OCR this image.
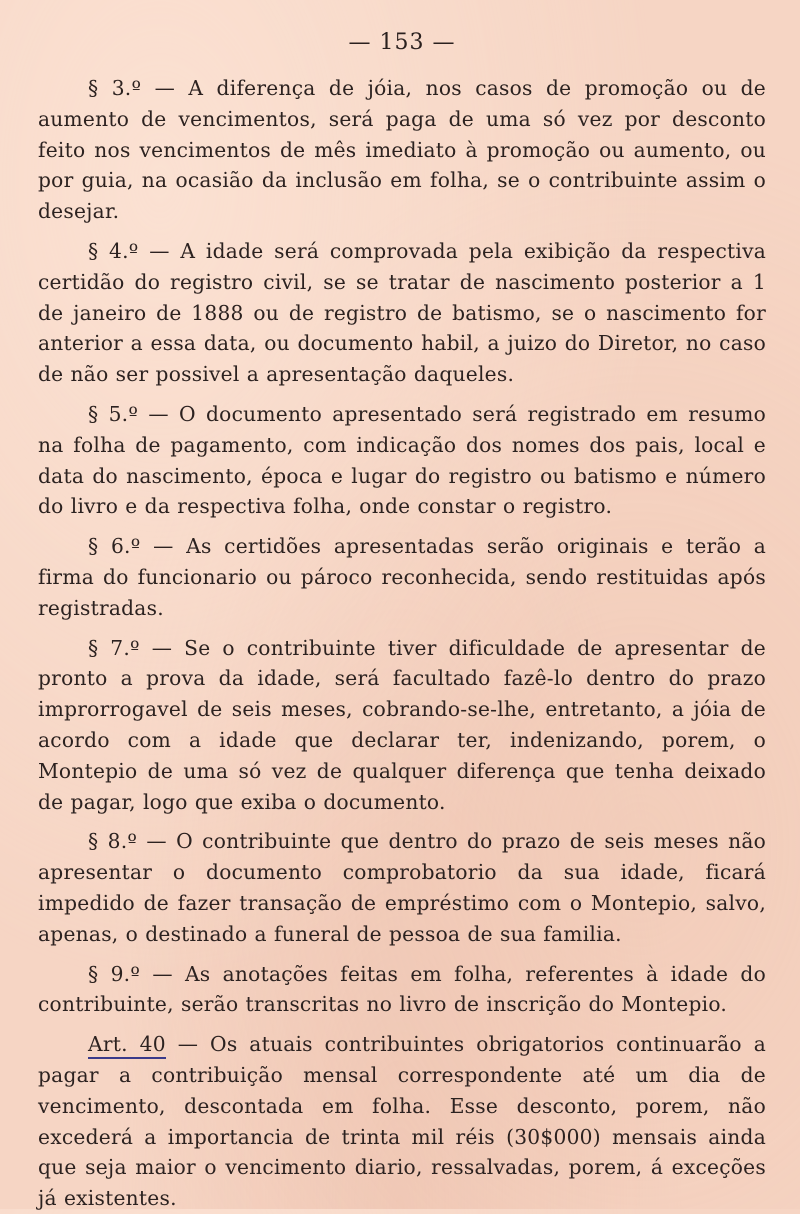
— 153 —

§ 3.º — A diferença de jóia, nos casos de promoção ou de aumento de vencimentos, será paga de uma só vez por desconto feito nos vencimentos de mês imediato à promoção ou aumento, ou por guia, na ocasião da inclusão em folha, se o contribuinte assim o desejar.

§ 4.º — A idade será comprovada pela exibição da respectiva certidão do registro civil, se se tratar de nascimento posterior a 1 de janeiro de 1888 ou de registro de batismo, se o nascimento for anterior a essa data, ou documento habil, a juizo do Diretor, no caso de não ser possivel a apresentação daqueles.

§ 5.º — O documento apresentado será registrado em resumo na folha de pagamento, com indicação dos nomes dos pais, local e data do nascimento, época e lugar do registro ou batismo e número do livro e da respectiva folha, onde constar o registro.

§ 6.º — As certidões apresentadas serão originais e terão a firma do funcionario ou pároco reconhecida, sendo restituidas após registradas.

§ 7.º — Se o contribuinte tiver dificuldade de apresentar de pronto a prova da idade, será facultado fazê-lo dentro do prazo improrrogavel de seis meses, cobrando-se-lhe, entretanto, a jóia de acordo com a idade que declarar ter, indenizando, porem, o Montepio de uma só vez de qualquer diferença que tenha deixado de pagar, logo que exiba o documento.

§ 8.º — O contribuinte que dentro do prazo de seis meses não apresentar o documento comprobatorio da sua idade, ficará impedido de fazer transação de empréstimo com o Montepio, salvo, apenas, o destinado a funeral de pessoa de sua familia.

§ 9.º — As anotações feitas em folha, referentes à idade do contribuinte, serão transcritas no livro de inscrição do Montepio.

Art. 40 — Os atuais contribuintes obrigatorios continuarão a pagar a contribuição mensal correspondente até um dia de vencimento, descontada em folha. Esse desconto, porem, não excederá a importancia de trinta mil réis (30$000) mensais ainda que seja maior o vencimento diario, ressalvadas, porem, á exceções já existentes.
